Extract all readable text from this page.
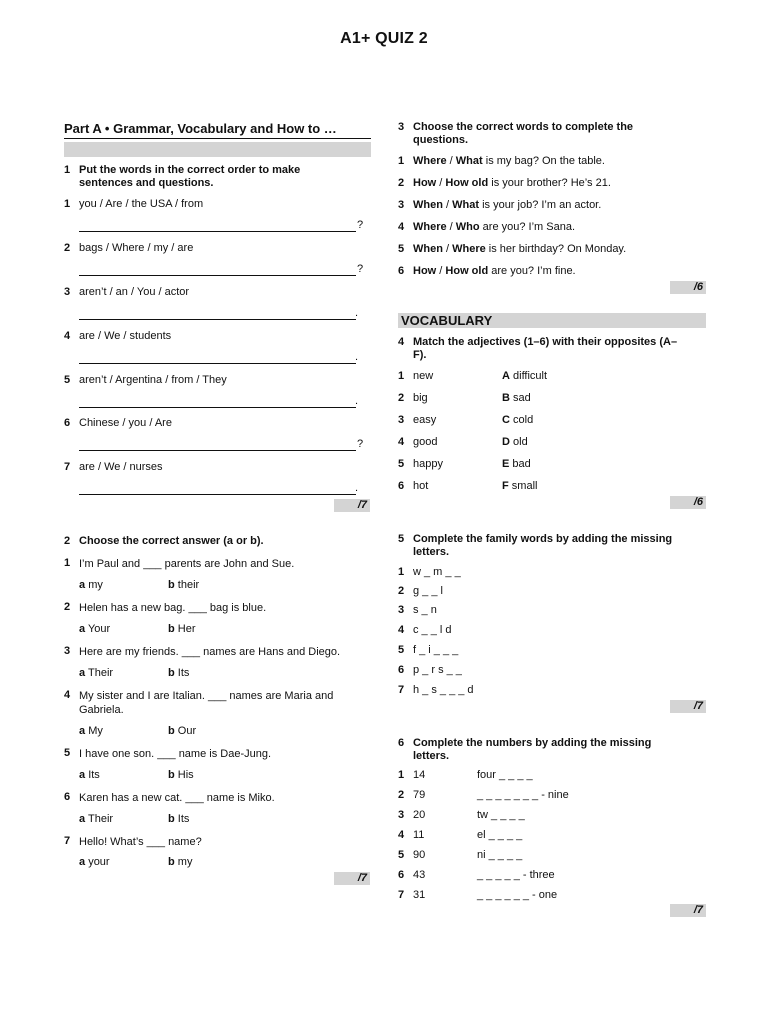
A1+ QUIZ 2
Part A • Grammar, Vocabulary and How to …
1 Put the words in the correct order to make sentences and questions.
1 you / Are / the USA / from
?
2 bags / Where / my / are
?
3 aren’t / an / You / actor
.
4 are / We / students
.
5 aren’t / Argentina / from / They
.
6 Chinese / you / Are
?
7 are / We / nurses
.
/7
2 Choose the correct answer (a or b).
1 I’m Paul and ___ parents are John and Sue.
a my	b their
2 Helen has a new bag. ___ bag is blue.
a Your	b Her
3 Here are my friends. ___ names are Hans and Diego.
a Their	b Its
4 My sister and I are Italian. ___ names are Maria and Gabriela.
a My	b Our
5 I have one son. ___ name is Dae-Jung.
a Its	b His
6 Karen has a new cat. ___ name is Miko.
a Their	b Its
7 Hello! What’s ___ name?
a your	b my
/7
3 Choose the correct words to complete the questions.
1 Where / What is my bag? On the table.
2 How / How old is your brother? He’s 21.
3 When / What is your job? I’m an actor.
4 Where / Who are you? I’m Sana.
5 When / Where is her birthday? On Monday.
6 How / How old are you? I’m fine.
/6
VOCABULARY
4 Match the adjectives (1–6) with their opposites (A–F).
1 new	A difficult
2 big	B sad
3 easy	C cold
4 good	D old
5 happy	E bad
6 hot	F small
/6
5 Complete the family words by adding the missing letters.
1 w _ m _ _
2 g _ _ l
3 s _ n
4 c _ _ l d
5 f _ i _ _ _
6 p _ r s _ _
7 h _ s _ _ _ d
/7
6 Complete the numbers by adding the missing letters.
1 14	four _ _ _ _
2 79	_ _ _ _ _ _ _ - nine
3 20	tw _ _ _ _
4 11	el _ _ _ _
5 90	ni _ _ _ _
6 43	_ _ _ _ _ - three
7 31	_ _ _ _ _ _ - one
/7
